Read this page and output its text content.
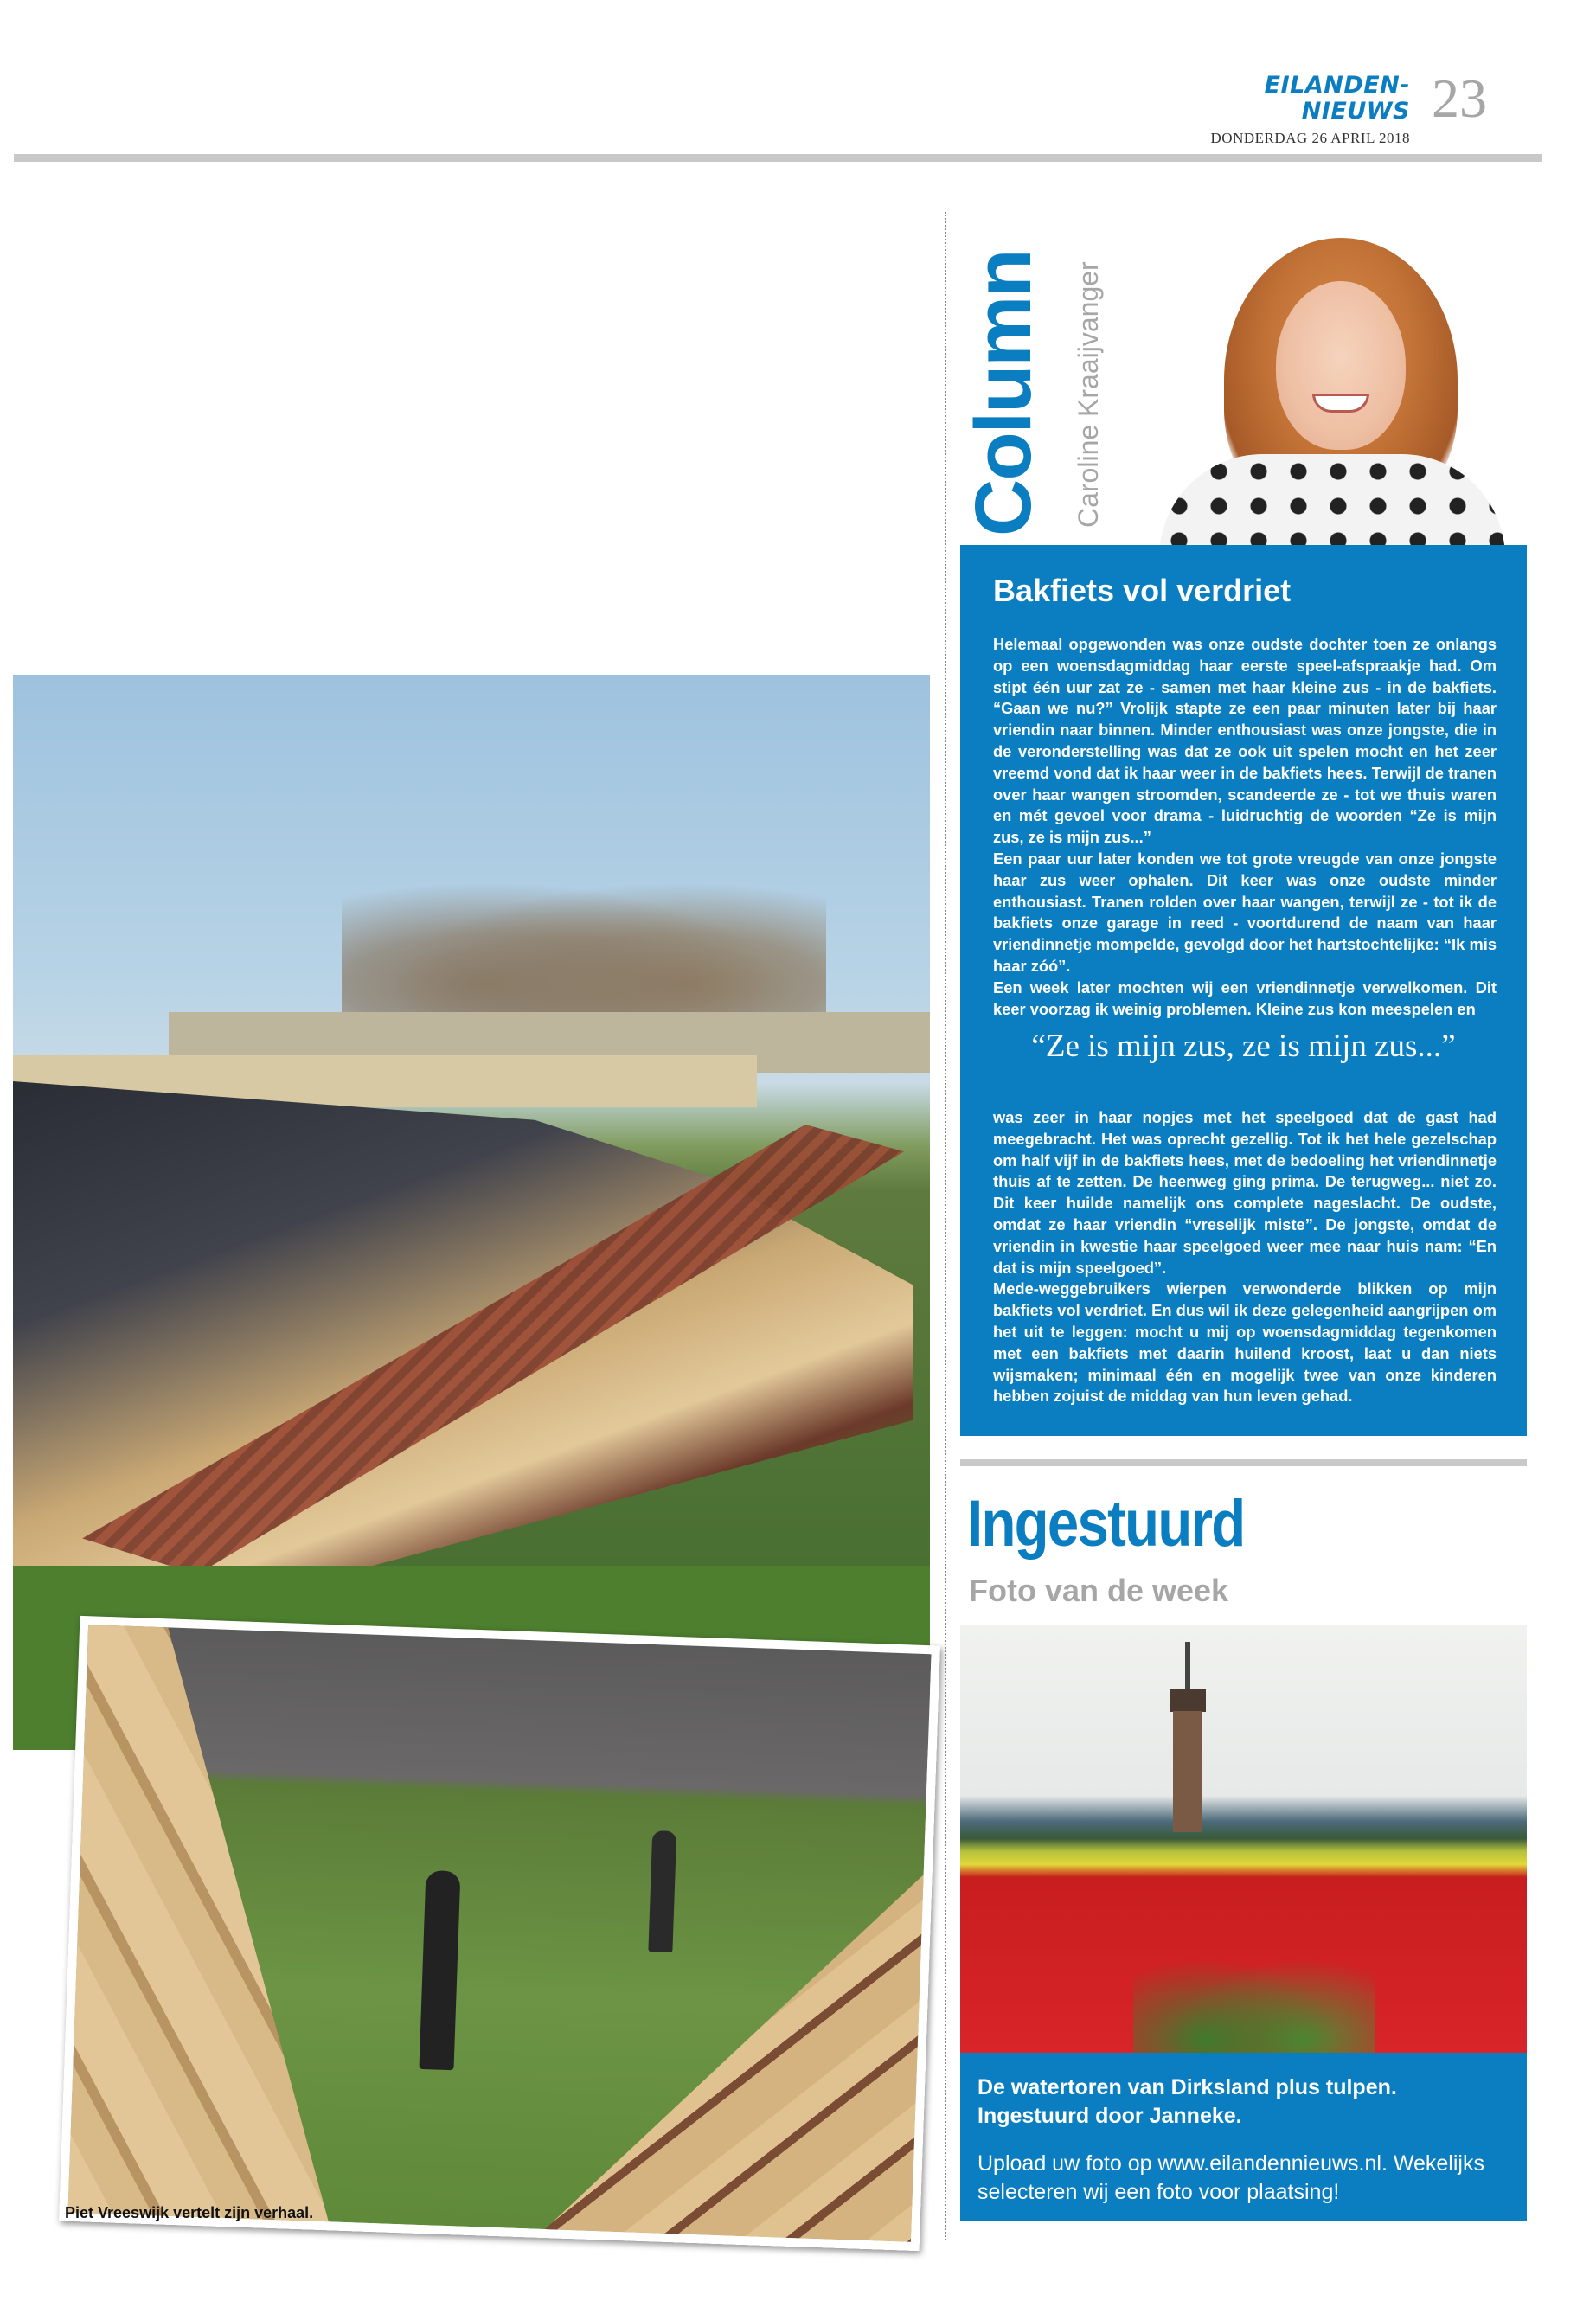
EILANDEN-NIEUWS
DONDERDAG 26 APRIL 2018
23
Piet Vreeswijk vertelt zijn verhaal.
Column Caroline Kraaijvanger
Bakfiets vol verdriet

Helemaal opgewonden was onze oudste dochter toen ze onlangs op een woensdagmiddag haar eerste speel-afspraakje had. Om stipt één uur zat ze - samen met haar kleine zus - in de bakfiets. “Gaan we nu?” Vrolijk stapte ze een paar minuten later bij haar vriendin naar binnen. Minder enthousiast was onze jongste, die in de veronderstelling was dat ze ook uit spelen mocht en het zeer vreemd vond dat ik haar weer in de bakfiets hees. Terwijl de tranen over haar wangen stroomden, scandeerde ze - tot we thuis waren en mét gevoel voor drama - luidruchtig de woorden “Ze is mijn zus, ze is mijn zus...”

Een paar uur later konden we tot grote vreugde van onze jongste haar zus weer ophalen. Dit keer was onze oudste minder enthousiast. Tranen rolden over haar wangen, terwijl ze - tot ik de bakfiets onze garage in reed - voortdurend de naam van haar vriendinnetje mompelde, gevolgd door het hartstochtelijke: “Ik mis haar zóó”.

Een week later mochten wij een vriendinnetje verwelkomen. Dit keer voorzag ik weinig problemen. Kleine zus kon meespelen en

“Ze is mijn zus, ze is mijn zus...”

was zeer in haar nopjes met het speelgoed dat de gast had meegebracht. Het was oprecht gezellig. Tot ik het hele gezelschap om half vijf in de bakfiets hees, met de bedoeling het vriendinnetje thuis af te zetten. De heenweg ging prima. De terugweg... niet zo. Dit keer huilde namelijk ons complete nageslacht. De oudste, omdat ze haar vriendin “vreselijk miste”. De jongste, omdat de vriendin in kwestie haar speelgoed weer mee naar huis nam: “En dat is mijn speelgoed”.

Mede-weggebruikers wierpen verwonderde blikken op mijn bakfiets vol verdriet. En dus wil ik deze gelegenheid aangrijpen om het uit te leggen: mocht u mij op woensdagmiddag tegenkomen met een bakfiets met daarin huilend kroost, laat u dan niets wijsmaken; minimaal één en mogelijk twee van onze kinderen hebben zojuist de middag van hun leven gehad.

Ingestuurd
Foto van de week
De watertoren van Dirksland plus tulpen. Ingestuurd door Janneke.
Upload uw foto op www.eilandennieuws.nl. Wekelijks selecteren wij een foto voor plaatsing!
